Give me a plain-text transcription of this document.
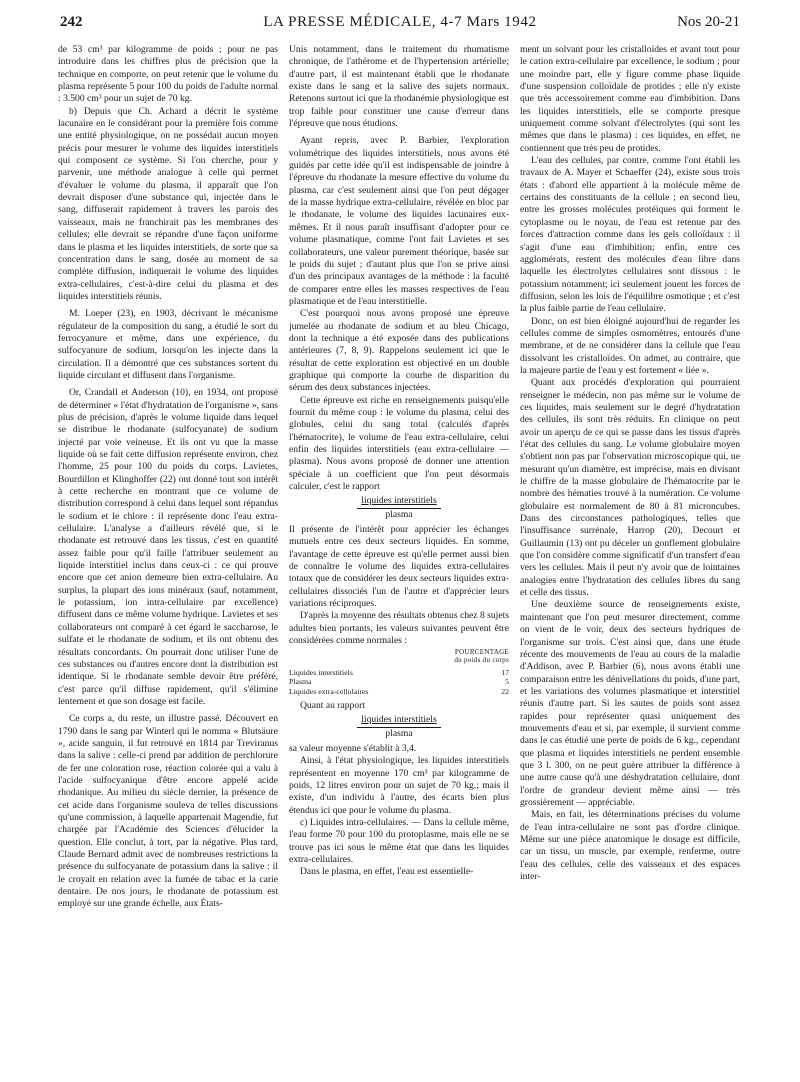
242	LA PRESSE MÉDICALE, 4-7 Mars 1942	Nos 20-21

de 53 cm³ par kilogramme de poids ; pour ne pas introduire dans les chiffres plus de précision que la technique en comporte, on peut retenir que le volume du plasma représente 5 pour 100 du poids de l'adulte normal : 3.500 cm³ pour un sujet de 70 kg.

b) Depuis que Ch. Achard a décrit le système lacunaire en le considérant pour la première fois comme une entité physiologique, on ne possédait aucun moyen précis pour mesurer le volume des liquides interstitiels qui composent ce système. Si l'on cherche, pour y parvenir, une méthode analogue à celle qui permet d'évaluer le volume du plasma, il apparaît que l'on devrait disposer d'une substance qui, injectée dans le sang, diffuserait rapidement à travers les parois des vaisseaux, mais ne franchirait pas les membranes des cellules; elle devrait se répandre d'une façon uniforme dans le plasma et les liquides interstitiels, de sorte que sa concentration dans le sang, dosée au moment de sa complète diffusion, indiquerait le volume des liquides extra-cellulaires, c'est-à-dire celui du plasma et des liquides interstitiels réunis.

M. Loeper (23), en 1903, décrivant le mécanisme régulateur de la composition du sang, a étudié le sort du ferrocyanure et même, dans une expérience, du sulfocyanure de sodium, lorsqu'on les injecte dans la circulation. Il a démontré que ces substances sortent du liquide circulant et diffusent dans l'organisme.

Or, Crandall et Anderson (10), en 1934, ont proposé de déterminer « l'état d'hydratation de l'organisme », sans plus de précision, d'après le volume liquide dans lequel se distribue le rhodanate (sulfocyanate) de sodium injecté par voie veineuse. Et ils ont vu que la masse liquide où se fait cette diffusion représente environ, chez l'homme, 25 pour 100 du poids du corps. Lavietes, Bourdillon et Klinghoffer (22) ont donné tout son intérêt à cette recherche en montrant que ce volume de distribution correspond à celui dans lequel sont répandus le sodium et le chlore : il représente donc l'eau extra-cellulaire. L'analyse a d'ailleurs révélé que, si le rhodanate est retrouvé dans les tissus, c'est en quantité assez faible pour qu'il faille l'attribuer seulement au liquide interstitiel inclus dans ceux-ci : ce qui prouve encore que cet anion demeure bien extra-cellulaire. Au surplus, la plupart des ions minéraux (sauf, notamment, le potassium, ion intra-cellulaire par excellence) diffusent dans ce même volume hydrique. Lavietes et ses collaborateurs ont comparé à cet égard le saccharose, le sulfate et le rhodanate de sodium, et ils ont obtenu des résultats concordants. On pourrait donc utiliser l'une de ces substances ou d'autres encore dont la distribution est identique. Si le rhodanate semble devoir être préféré, c'est parce qu'il diffuse rapidement, qu'il s'élimine lentement et que son dosage est facile.

Ce corps a, du reste, un illustre passé. Découvert en 1790 dans le sang par Winterl qui le nomma « Blutsäure », acide sanguin, il fut retrouvé en 1814 par Treviranus dans la salive : celle-ci prend par addition de perchlorure de fer une coloration rose, réaction colorée qui a valu à l'acide sulfocyanique d'être encore appelé acide rhodanique. Au milieu du siècle dernier, la présence de cet acide dans l'organisme souleva de telles discussions qu'une commission, à laquelle appartenait Magendie, fut chargée par l'Académie des Sciences d'élucider la question. Elle conclut, à tort, par la négative. Plus tard, Claude Bernard admit avec de nombreuses restrictions la présence du sulfocyanate de potassium dans la salive : il le croyait en relation avec la fumée de tabac et la carie dentaire. De nos jours, le rhodanate de potassium est employé sur une grande échelle, aux États-

Unis notamment, dans le traitement du rhumatisme chronique, de l'athérome et de l'hypertension artérielle; d'autre part, il est maintenant établi que le rhodanate existe dans le sang et la salive des sujets normaux. Retenons surtout ici que la rhodanémie physiologique est trop faible pour constituer une cause d'erreur dans l'épreuve que nous étudions.

Ayant repris, avec P. Barbier, l'exploration volumétrique des liquides interstitiels, nous avons été guidés par cette idée qu'il est indispensable de joindre à l'épreuve du rhodanate la mesure effective du volume du plasma, car c'est seulement ainsi que l'on peut dégager de la masse hydrique extra-cellulaire, révélée en bloc par le rhodanate, le volume des liquides lacunaires eux-mêmes. Et il nous paraît insuffisant d'adopter pour ce volume plasmatique, comme l'ont fait Lavietes et ses collaborateurs, une valeur purement théorique, basée sur le poids du sujet ; d'autant plus que l'on se prive ainsi d'un des principaux avantages de la méthode : la faculté de comparer entre elles les masses respectives de l'eau plasmatique et de l'eau interstitielle.

C'est pourquoi nous avons proposé une épreuve jumelée au rhodanate de sodium et au bleu Chicago, dont la technique a été exposée dans des publications antérieures (7, 8, 9). Rappelons seulement ici que le résultat de cette exploration est objectivé en un double graphique qui comporte la courbe de disparition du sérum des deux substances injectées.

Cette épreuve est riche en renseignements puisqu'elle fournit du même coup : le volume du plasma, celui des globules, celui du sang total (calculés d'après l'hématocrite), le volume de l'eau extra-cellulaire, celui enfin des liquides interstitiels (eau extra-cellulaire — plasma). Nous avons proposé de donner une attention spéciale à un coefficient que l'on peut désormais calculer, c'est le rapport

liquides interstitiels
plasma

Il présente de l'intérêt pour apprécier les échanges mutuels entre ces deux secteurs liquides. En somme, l'avantage de cette épreuve est qu'elle permet aussi bien de connaître le volume des liquides extra-cellulaires totaux que de considérer les deux secteurs liquides extra-cellulaires dissociés l'un de l'autre et d'apprécier leurs variations réciproques.

D'après la moyenne des résultats obtenus chez 8 sujets adultes bien portants, les valeurs suivantes peuvent être considérées comme normales :

POURCENTAGE
du poids du corps
Liquides interstitiels	17
Plasma	5
Liquides extra-cellulaires	22

Quant au rapport

liquides interstitiels
plasma

sa valeur moyenne s'établit à 3,4.

Ainsi, à l'état physiologique, les liquides interstitiels représentent en moyenne 170 cm³ par kilogramme de poids, 12 litres environ pour un sujet de 70 kg.; mais il existe, d'un individu à l'autre, des écarts bien plus étendus ici que pour le volume du plasma.

c) Liquides intra-cellulaires. — Dans la cellule même, l'eau forme 70 pour 100 du protoplasme, mais elle ne se trouve pas ici sous le même état que dans les liquides extra-cellulaires.

Dans le plasma, en effet, l'eau est essentielle-

ment un solvant pour les cristalloïdes et avant tout pour le cation extra-cellulaire par excellence, le sodium ; pour une moindre part, elle y figure comme phase liquide d'une suspension colloïdale de protides ; elle n'y existe que très accessoirement comme eau d'imbibition. Dans les liquides interstitiels, elle se comporte presque uniquement comme solvant d'électrolytes (qui sont les mêmes que dans le plasma) : ces liquides, en effet, ne contiennent que très peu de protides.

L'eau des cellules, par contre, comme l'ont établi les travaux de A. Mayer et Schaeffer (24), existe sous trois états : d'abord elle appartient à la molécule même de certains des constituants de la cellule ; en second lieu, entre les grosses molécules protéiques qui forment le cytoplasme ou le noyau, de l'eau est retenue par des forces d'attraction comme dans les gels colloïdaux : il s'agit d'une eau d'imbibition; enfin, entre ces agglomérats, restent des molécules d'eau libre dans laquelle les électrolytes cellulaires sont dissous : le potassium notamment; ici seulement jouent les forces de diffusion, selon les lois de l'équilibre osmotique ; et c'est la plus faible partie de l'eau cellulaire.

Donc, on est bien éloigné aujourd'hui de regarder les cellules comme de simples osmomètres, entourés d'une membrane, et de ne considérer dans la cellule que l'eau dissolvant les cristalloïdes. On admet, au contraire, que la majeure partie de l'eau y est fortement « liée ».

Quant aux procédés d'exploration qui pourraient renseigner le médecin, non pas même sur le volume de ces liquides, mais seulement sur le degré d'hydratation des cellules, ils sont très réduits. En clinique on peut avoir un aperçu de ce qui se passe dans les tissus d'après l'état des cellules du sang. Le volume globulaire moyen s'obtient non pas par l'observation microscopique qui, ne mesurant qu'un diamètre, est imprécise, mais en divisant le chiffre de la masse globulaire de l'hématocrite par le nombre des hématies trouvé à la numération. Ce volume globulaire est normalement de 80 à 81 microncubes. Dans des circonstances pathologiques, telles que l'insuffisance surrénale, Harrop (20), Decourt et Guillaumin (13) ont pu déceler un gonflement globulaire que l'on considère comme significatif d'un transfert d'eau vers les cellules. Mais il peut n'y avoir que de lointaines analogies entre l'hydratation des cellules libres du sang et celle des tissus.

Une deuxième source de renseignements existe, maintenant que l'on peut mesurer directement, comme on vient de le voir, deux des secteurs hydriques de l'organisme sur trois. C'est ainsi que, dans une étude récente des mouvements de l'eau au cours de la maladie d'Addison, avec P. Barbier (6), nous avons établi une comparaison entre les dénivellations du poids, d'une part, et les variations des volumes plasmatique et interstitiel réunis d'autre part. Si les sautes de poids sont assez rapides pour représenter quasi uniquement des mouvements d'eau et si, par exemple, il survient comme dans le cas étudié une perte de poids de 6 kg., cependant que plasma et liquides interstitiels ne perdent ensemble que 3 l. 300, on ne peut guère attribuer la différence à une autre cause qu'à une déshydratation cellulaire, dont l'ordre de grandeur devient même ainsi — très grossièrement — appréciable.

Mais, en fait, les déterminations précises du volume de l'eau intra-cellulaire ne sont pas d'ordre clinique. Même sur une pièce anatomique le dosage est difficile, car un tissu, un muscle, par exemple, renferme, outre l'eau des cellules, celle des vaisseaux et des espaces inter-
